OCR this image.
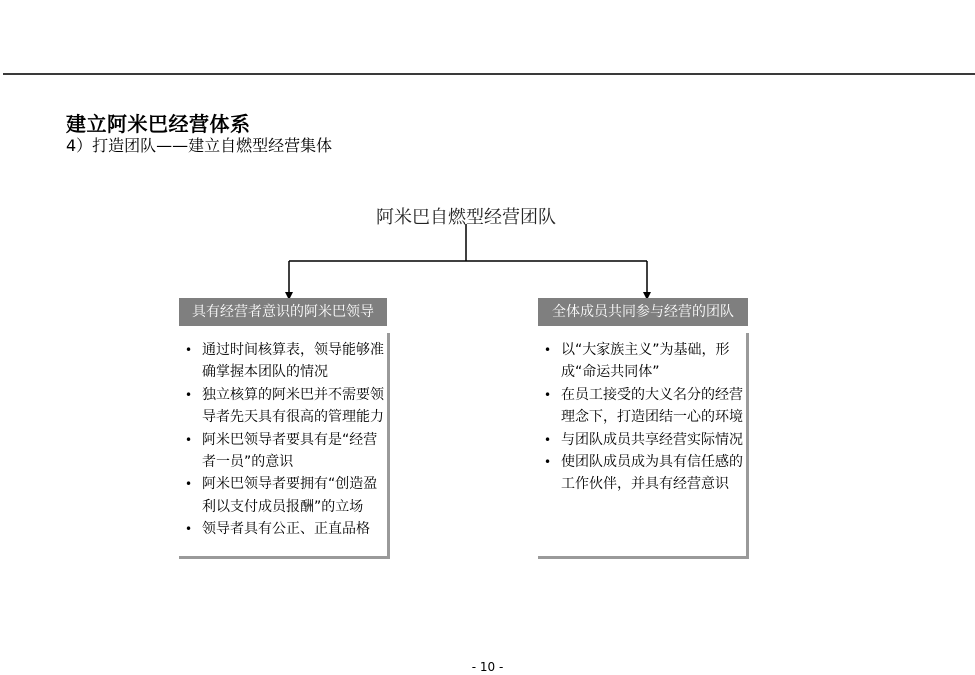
建立阿米巴经营体系
4）打造团队——建立自燃型经营集体
阿米巴自燃型经营团队
具有经营者意识的阿米巴领导	全体成员共同参与经营的团队
• 通过时间核算表，领导能够准确掌握本团队的情况
• 独立核算的阿米巴并不需要领导者先天具有很高的管理能力
• 阿米巴领导者要具有是“经营者一员”的意识
• 阿米巴领导者要拥有“创造盈利以支付成员报酬”的立场
• 领导者具有公正、正直品格
• 以“大家族主义”为基础，形成“命运共同体”
• 在员工接受的大义名分的经营理念下，打造团结一心的环境
• 与团队成员共享经营实际情况
• 使团队成员成为具有信任感的工作伙伴，并具有经营意识
- 10 -
